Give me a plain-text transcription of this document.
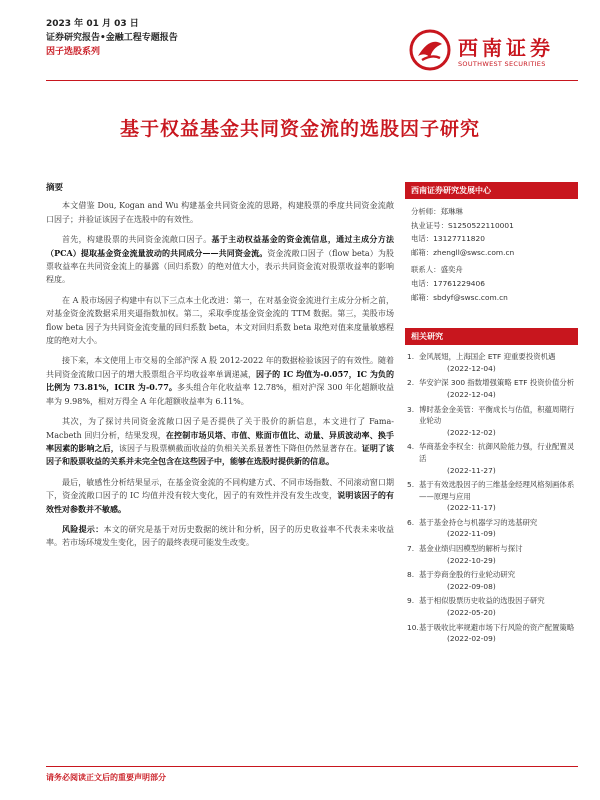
2023 年 01 月 03 日
证券研究报告•金融工程专题报告
因子选股系列	西南证券
SOUTHWEST SECURITIES
基于权益基金共同资金流的选股因子研究
摘要

本文借鉴 Dou, Kogan and Wu 构建基金共同资金流的思路，构建股票的季度共同资金流敞口因子；并验证该因子在选股中的有效性。

首先，构建股票的共同资金流敞口因子。基于主动权益基金的资金流信息，通过主成分方法（PCA）提取基金资金流量波动的共同成分——共同资金流。资金流敞口因子（flow beta）为股票收益率在共同资金流上的暴露（回归系数）的绝对值大小，表示共同资金流对股票收益率的影响程度。

在 A 股市场因子构建中有以下三点本土化改进：第一，在对基金资金流进行主成分分析之前，对基金资金流数据采用夹逼指数加权。第二，采取季度基金资金流的 TTM 数据。第三，美股市场 flow beta 因子为共同资金流变量的回归系数 beta，本文对回归系数 beta 取绝对值来度量敏感程度的绝对大小。

接下来，本文使用上市交易的全部沪深 A 股 2012-2022 年的数据检验该因子的有效性。随着共同资金流敞口因子的增大股票组合平均收益率单调递减，因子的 IC 均值为-0.057，IC 为负的比例为 73.81%，ICIR 为-0.77。多头组合年化收益率 12.78%，相对沪深 300 年化超额收益率为 9.98%，相对万得全 A 年化超额收益率为 6.11%。

其次，为了探讨共同资金流敞口因子是否提供了关于股价的新信息，本文进行了 Fama-Macbeth 回归分析，结果发现，在控制市场贝塔、市值、账面市值比、动量、异质波动率、换手率因素的影响之后，该因子与股票横截面收益的负相关关系显著性下降但仍然显著存在。证明了该因子和股票收益的关系并未完全包含在这些因子中，能够在选股时提供新的信息。

最后，敏感性分析结果显示，在基金资金流的不同构建方式、不同市场指数、不同滚动窗口期下，资金流敞口因子的 IC 均值并没有较大变化，因子的有效性并没有发生改变，说明该因子的有效性对参数并不敏感。

风险提示：本文的研究是基于对历史数据的统计和分析，因子的历史收益率不代表未来收益率。若市场环境发生变化，因子的最终表现可能发生改变。

西南证券研究发展中心
分析师：郑琳琳
执业证号：S1250522110001
电话：13127711820
邮箱：zhengll@swsc.com.cn
联系人：盛奕舟
电话：17761229406
邮箱：sbdyf@swsc.com.cn
相关研究
1. 金风展翅，上海国企 ETF 迎重要投资机遇
(2022-12-04)
2. 华安沪深 300 指数增强策略 ETF 投资价值分析
(2022-12-04)
3. 博时基金金美管：平衡成长与估值，积蕴周期行业轮动
(2022-12-02)
4. 华商基金李权全：抗御风险能力强，行业配置灵活
(2022-11-27)
5. 基于有效选股因子的三维基金经理风格刻画体系——原理与应用
(2022-11-17)
6. 基于基金持仓与机器学习的选基研究
(2022-11-09)
7. 基金业绩归因模型的解析与探讨
(2022-10-29)
8. 基于券商金股的行业轮动研究
(2022-09-08)
9. 基于相似股票历史收益的选股因子研究
(2022-05-20)
10. 基于吸收比率规避市场下行风险的资产配置策略
(2022-02-09)
请务必阅读正文后的重要声明部分
